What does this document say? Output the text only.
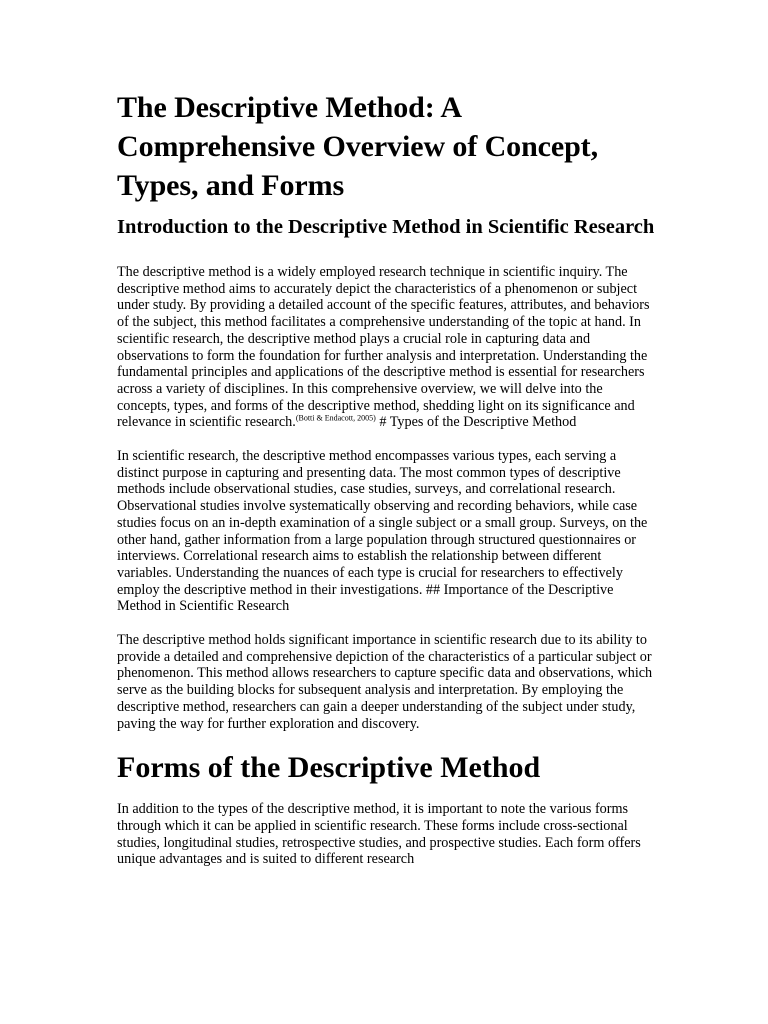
The Descriptive Method: A Comprehensive Overview of Concept, Types, and Forms
Introduction to the Descriptive Method in Scientific Research

The descriptive method is a widely employed research technique in scientific inquiry. The descriptive method aims to accurately depict the characteristics of a phenomenon or subject under study. By providing a detailed account of the specific features, attributes, and behaviors of the subject, this method facilitates a comprehensive understanding of the topic at hand. In scientific research, the descriptive method plays a crucial role in capturing data and observations to form the foundation for further analysis and interpretation. Understanding the fundamental principles and applications of the descriptive method is essential for researchers across a variety of disciplines. In this comprehensive overview, we will delve into the concepts, types, and forms of the descriptive method, shedding light on its significance and relevance in scientific research.$^{(Botti \& Endacott, 2005)}$ # Types of the Descriptive Method

In scientific research, the descriptive method encompasses various types, each serving a distinct purpose in capturing and presenting data. The most common types of descriptive methods include observational studies, case studies, surveys, and correlational research. Observational studies involve systematically observing and recording behaviors, while case studies focus on an in-depth examination of a single subject or a small group. Surveys, on the other hand, gather information from a large population through structured questionnaires or interviews. Correlational research aims to establish the relationship between different variables. Understanding the nuances of each type is crucial for researchers to effectively employ the descriptive method in their investigations. ## Importance of the Descriptive Method in Scientific Research

The descriptive method holds significant importance in scientific research due to its ability to provide a detailed and comprehensive depiction of the characteristics of a particular subject or phenomenon. This method allows researchers to capture specific data and observations, which serve as the building blocks for subsequent analysis and interpretation. By employing the descriptive method, researchers can gain a deeper understanding of the subject under study, paving the way for further exploration and discovery.

Forms of the Descriptive Method

In addition to the types of the descriptive method, it is important to note the various forms through which it can be applied in scientific research. These forms include cross-sectional studies, longitudinal studies, retrospective studies, and prospective studies. Each form offers unique advantages and is suited to different research
